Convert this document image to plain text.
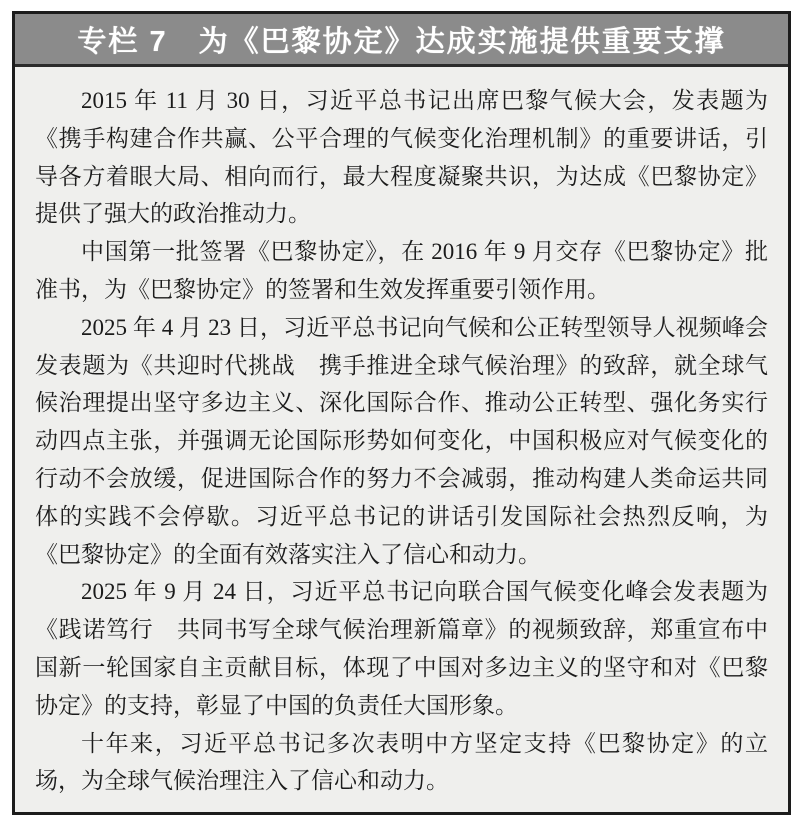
专栏 7　为《巴黎协定》达成实施提供重要支撑

2015 年 11 月 30 日，习近平总书记出席巴黎气候大会，发表题为《携手构建合作共赢、公平合理的气候变化治理机制》的重要讲话，引导各方着眼大局、相向而行，最大程度凝聚共识，为达成《巴黎协定》提供了强大的政治推动力。

中国第一批签署《巴黎协定》，在 2016 年 9 月交存《巴黎协定》批准书，为《巴黎协定》的签署和生效发挥重要引领作用。

2025 年 4 月 23 日，习近平总书记向气候和公正转型领导人视频峰会发表题为《共迎时代挑战　携手推进全球气候治理》的致辞，就全球气候治理提出坚守多边主义、深化国际合作、推动公正转型、强化务实行动四点主张，并强调无论国际形势如何变化，中国积极应对气候变化的行动不会放缓，促进国际合作的努力不会减弱，推动构建人类命运共同体的实践不会停歇。习近平总书记的讲话引发国际社会热烈反响，为《巴黎协定》的全面有效落实注入了信心和动力。

2025 年 9 月 24 日，习近平总书记向联合国气候变化峰会发表题为《践诺笃行　共同书写全球气候治理新篇章》的视频致辞，郑重宣布中国新一轮国家自主贡献目标，体现了中国对多边主义的坚守和对《巴黎协定》的支持，彰显了中国的负责任大国形象。

十年来，习近平总书记多次表明中方坚定支持《巴黎协定》的立场，为全球气候治理注入了信心和动力。
